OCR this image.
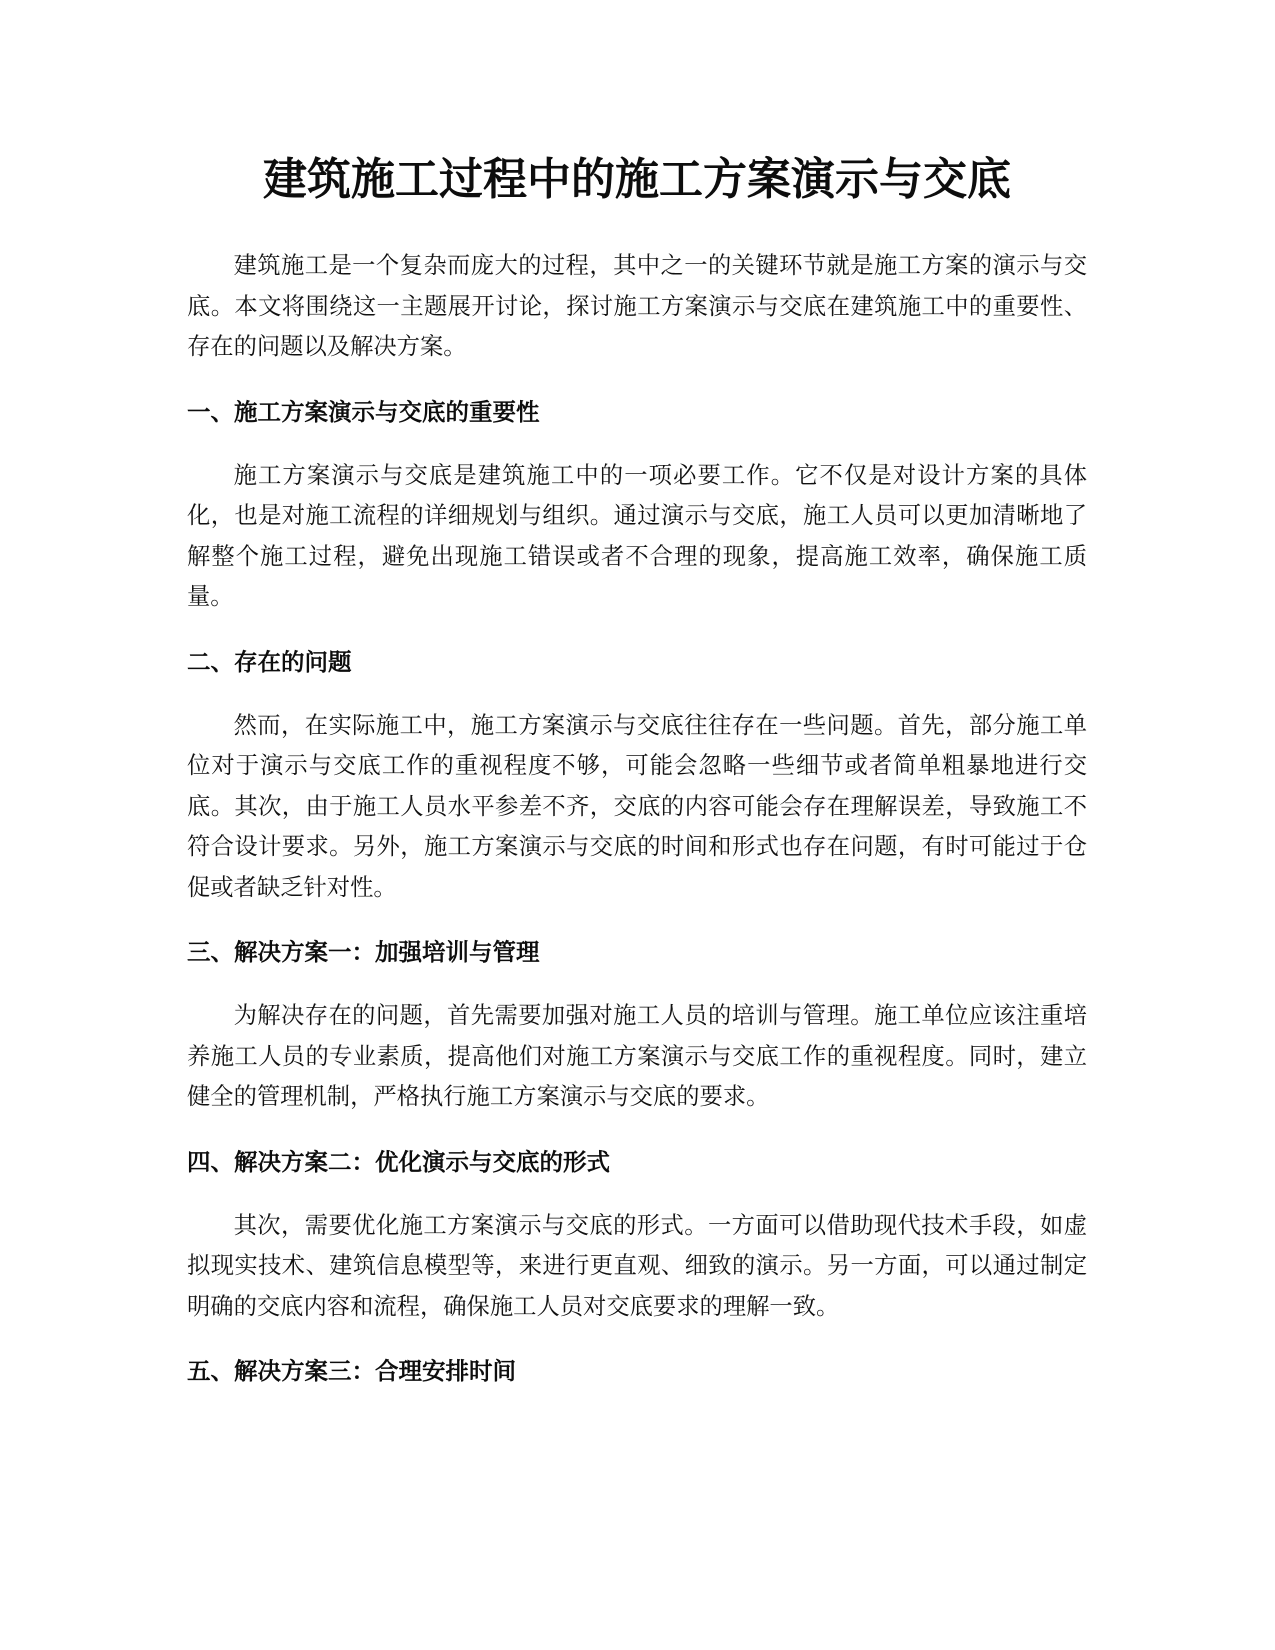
建筑施工过程中的施工方案演示与交底

建筑施工是一个复杂而庞大的过程，其中之一的关键环节就是施工方案的演示与交底。本文将围绕这一主题展开讨论，探讨施工方案演示与交底在建筑施工中的重要性、存在的问题以及解决方案。

一、施工方案演示与交底的重要性

施工方案演示与交底是建筑施工中的一项必要工作。它不仅是对设计方案的具体化，也是对施工流程的详细规划与组织。通过演示与交底，施工人员可以更加清晰地了解整个施工过程，避免出现施工错误或者不合理的现象，提高施工效率，确保施工质量。

二、存在的问题

然而，在实际施工中，施工方案演示与交底往往存在一些问题。首先，部分施工单位对于演示与交底工作的重视程度不够，可能会忽略一些细节或者简单粗暴地进行交底。其次，由于施工人员水平参差不齐，交底的内容可能会存在理解误差，导致施工不符合设计要求。另外，施工方案演示与交底的时间和形式也存在问题，有时可能过于仓促或者缺乏针对性。

三、解决方案一：加强培训与管理

为解决存在的问题，首先需要加强对施工人员的培训与管理。施工单位应该注重培养施工人员的专业素质，提高他们对施工方案演示与交底工作的重视程度。同时，建立健全的管理机制，严格执行施工方案演示与交底的要求。

四、解决方案二：优化演示与交底的形式

其次，需要优化施工方案演示与交底的形式。一方面可以借助现代技术手段，如虚拟现实技术、建筑信息模型等，来进行更直观、细致的演示。另一方面，可以通过制定明确的交底内容和流程，确保施工人员对交底要求的理解一致。

五、解决方案三：合理安排时间
